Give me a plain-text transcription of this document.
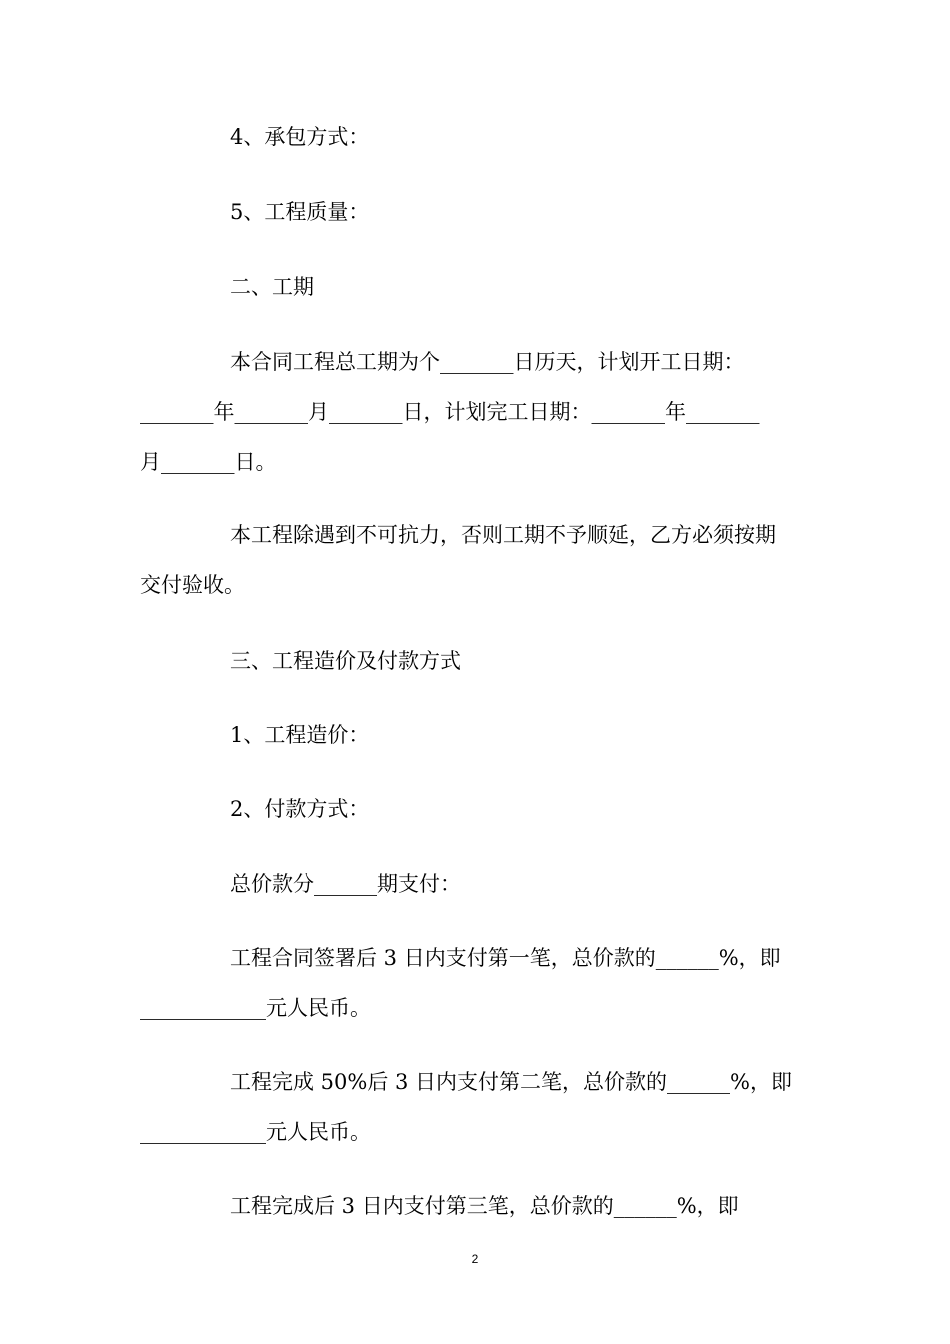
4、承包方式：
5、工程质量：
二、工期
本合同工程总工期为个_______日历天，计划开工日期：
_______年_______月_______日，计划完工日期：_______年_______
月_______日。
本工程除遇到不可抗力，否则工期不予顺延，乙方必须按期
交付验收。
三、工程造价及付款方式
1、工程造价：
2、付款方式：
总价款分______期支付：
工程合同签署后 3 日内支付第一笔，总价款的______%，即
____________元人民币。
工程完成 50%后 3 日内支付第二笔，总价款的______%，即
____________元人民币。
工程完成后 3 日内支付第三笔，总价款的______%，即
2
